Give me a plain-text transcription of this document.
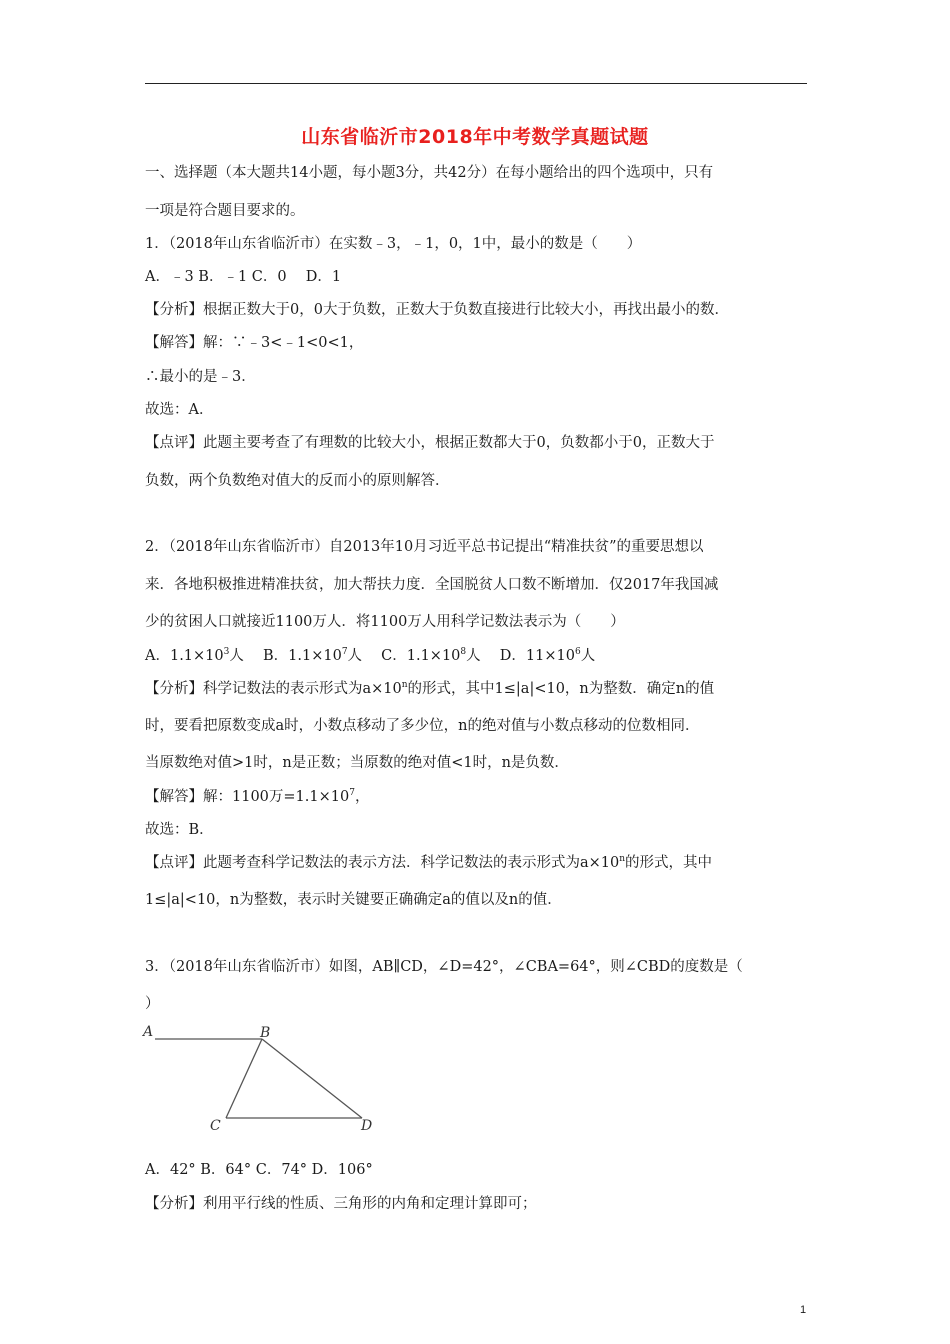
山东省临沂市2018年中考数学真题试题
一、选择题（本大题共14小题，每小题3分，共42分）在每小题给出的四个选项中，只有
一项是符合题目要求的。
1．（2018年山东省临沂市）在实数﹣3，﹣1，0，1中，最小的数是（　　）
A．﹣3 B．﹣1 C．0　 D．1
【分析】根据正数大于0，0大于负数，正数大于负数直接进行比较大小，再找出最小的数．
【解答】解：∵﹣3<﹣1<0<1，
∴最小的是﹣3．
故选：A．
【点评】此题主要考查了有理数的比较大小，根据正数都大于0，负数都小于0，正数大于
负数，两个负数绝对值大的反而小的原则解答．
2．（2018年山东省临沂市）自2013年10月习近平总书记提出“精准扶贫”的重要思想以
来．各地积极推进精准扶贫，加大帮扶力度．全国脱贫人口数不断增加．仅2017年我国减
少的贫困人口就接近1100万人．将1100万人用科学记数法表示为（　　）
A．$1.1\times 10^3$人　 B．$1.1\times 10^7$人　 C．$1.1\times 10^8$人　 D．$11\times 10^6$人
【分析】科学记数法的表示形式为$a\times 10^n$的形式，其中1≤|a|<10，n为整数．确定n的值
时，要看把原数变成a时，小数点移动了多少位，n的绝对值与小数点移动的位数相同．
当原数绝对值>1时，n是正数；当原数的绝对值<1时，n是负数．
【解答】解：1100万$=1.1\times 10^7$，
故选：B．
【点评】此题考查科学记数法的表示方法．科学记数法的表示形式为$a\times 10^n$的形式，其中
1≤|a|<10，n为整数，表示时关键要正确确定a的值以及n的值．
3．（2018年山东省临沂市）如图，AB∥CD，∠D=42°，∠CBA=64°，则∠CBD的度数是（
）
A	B
C	D
A．42° B．64° C．74° D．106°
【分析】利用平行线的性质、三角形的内角和定理计算即可；
1
